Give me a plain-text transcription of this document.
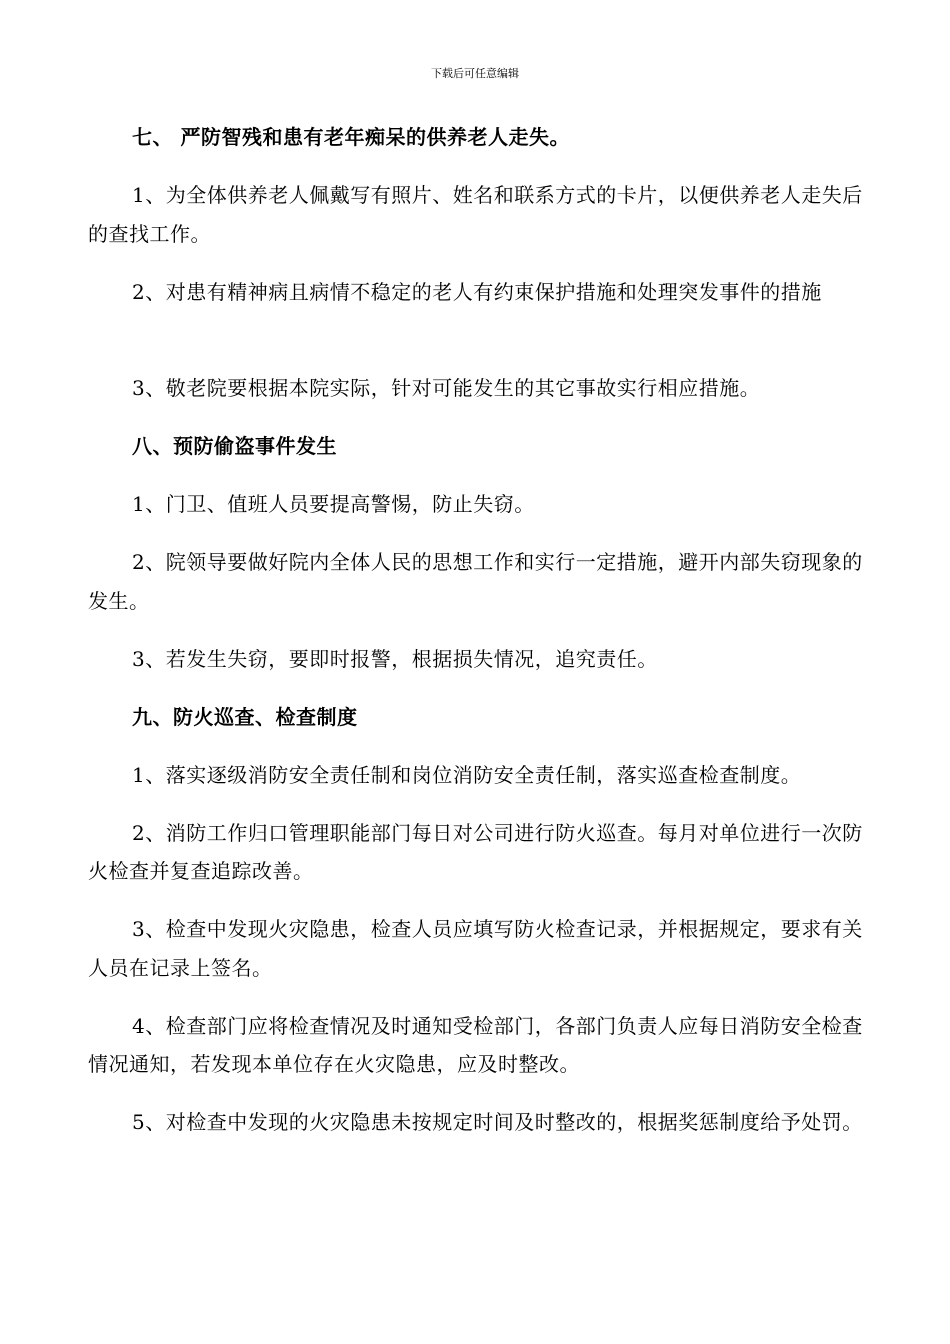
下载后可任意编辑

七、 严防智残和患有老年痴呆的供养老人走失。

1、为全体供养老人佩戴写有照片、姓名和联系方式的卡片，以便供养老人走失后的查找工作。

2、对患有精神病且病情不稳定的老人有约束保护措施和处理突发事件的措施

3、敬老院要根据本院实际，针对可能发生的其它事故实行相应措施。

八、预防偷盗事件发生

1、门卫、值班人员要提高警惕，防止失窃。

2、院领导要做好院内全体人民的思想工作和实行一定措施，避开内部失窃现象的发生。

3、若发生失窃，要即时报警，根据损失情况，追究责任。

九、防火巡查、检查制度

1、落实逐级消防安全责任制和岗位消防安全责任制，落实巡查检查制度。

2、消防工作归口管理职能部门每日对公司进行防火巡查。每月对单位进行一次防火检查并复查追踪改善。

3、检查中发现火灾隐患，检查人员应填写防火检查记录，并根据规定，要求有关人员在记录上签名。

4、检查部门应将检查情况及时通知受检部门，各部门负责人应每日消防安全检查情况通知，若发现本单位存在火灾隐患，应及时整改。

5、对检查中发现的火灾隐患未按规定时间及时整改的，根据奖惩制度给予处罚。
